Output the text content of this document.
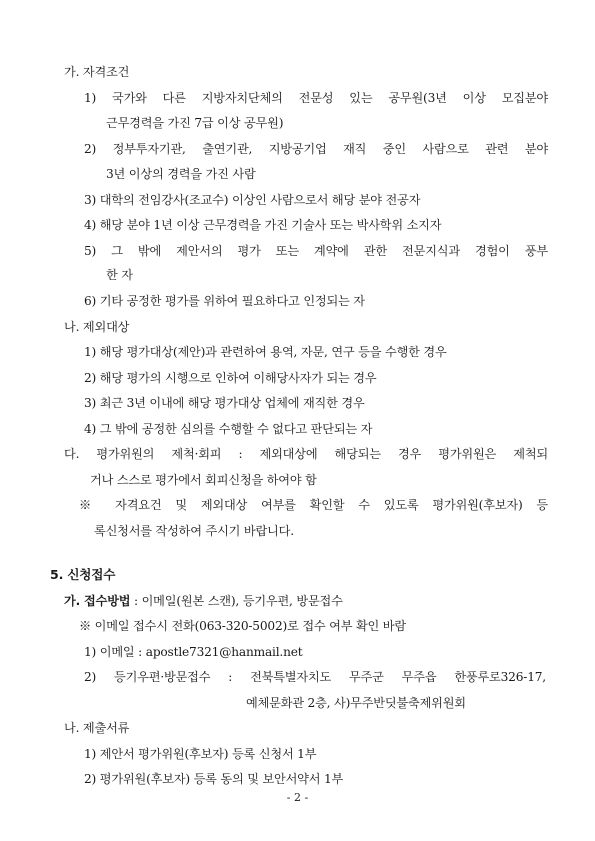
가. 자격조건
1) 국가와 다른 지방자치단체의 전문성 있는 공무원(3년 이상 모집분야
근무경력을 가진 7급 이상 공무원)
2) 정부투자기관, 출연기관, 지방공기업 재직 중인 사람으로 관련 분야
3년 이상의 경력을 가진 사람
3) 대학의 전임강사(조교수) 이상인 사람으로서 해당 분야 전공자
4) 해당 분야 1년 이상 근무경력을 가진 기술사 또는 박사학위 소지자
5) 그 밖에 제안서의 평가 또는 계약에 관한 전문지식과 경험이 풍부
한 자
6) 기타 공정한 평가를 위하여 필요하다고 인정되는 자
나. 제외대상
1) 해당 평가대상(제안)과 관련하여 용역, 자문, 연구 등을 수행한 경우
2) 해당 평가의 시행으로 인하여 이해당사자가 되는 경우
3) 최근 3년 이내에 해당 평가대상 업체에 재직한 경우
4) 그 밖에 공정한 심의를 수행할 수 없다고 판단되는 자
다. 평가위원의 제척·회피 : 제외대상에 해당되는 경우 평가위원은 제척되
거나 스스로 평가에서 회피신청을 하여야 함
※ 자격요건 및 제외대상 여부를 확인할 수 있도록 평가위원(후보자) 등
록신청서를 작성하여 주시기 바랍니다.
5. 신청접수
가. 접수방법 : 이메일(원본 스캔), 등기우편, 방문접수
※ 이메일 접수시 전화(063-320-5002)로 접수 여부 확인 바람
1) 이메일 : apostle7321@hanmail.net
2) 등기우편·방문접수 : 전북특별자치도 무주군 무주읍 한풍루로326-17,
예체문화관 2층, 사)무주반딧불축제위원회
나. 제출서류
1) 제안서 평가위원(후보자) 등록 신청서 1부
2) 평가위원(후보자) 등록 동의 및 보안서약서 1부
- 2 -
